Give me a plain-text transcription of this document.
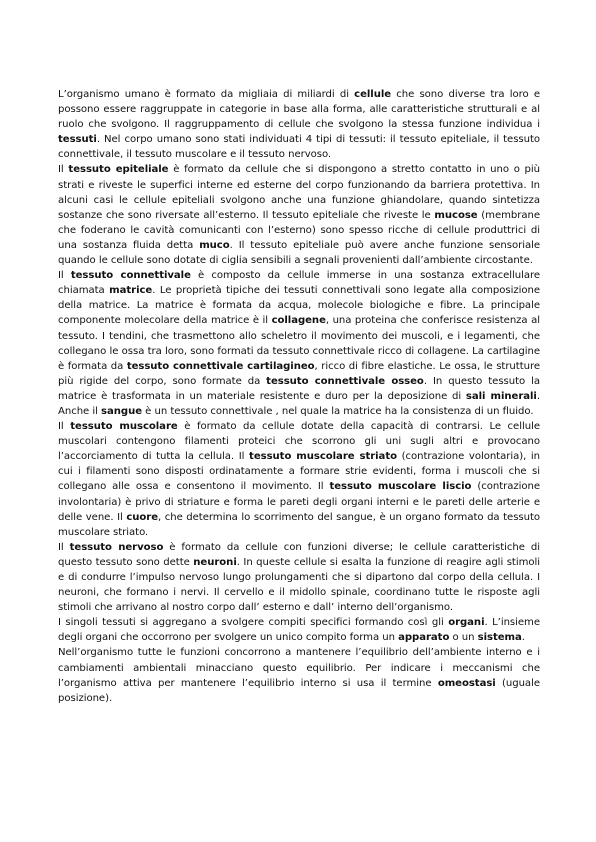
L’organismo umano è formato da migliaia di miliardi di cellule che sono diverse tra loro e possono essere raggruppate in categorie in base alla forma, alle caratteristiche strutturali e al ruolo che svolgono. Il raggruppamento di cellule che svolgono la stessa funzione individua i tessuti. Nel corpo umano sono stati individuati 4 tipi di tessuti: il tessuto epiteliale, il tessuto connettivale, il tessuto muscolare e il tessuto nervoso.

Il tessuto epiteliale è formato da cellule che si dispongono a stretto contatto in uno o più strati e riveste le superfici interne ed esterne del corpo funzionando da barriera protettiva. In alcuni casi le cellule epiteliali svolgono anche una funzione ghiandolare, quando sintetizza sostanze che sono riversate all’esterno. Il tessuto epiteliale che riveste le mucose (membrane che foderano le cavità comunicanti con l’esterno) sono spesso ricche di cellule produttrici di una sostanza fluida detta muco. Il tessuto epiteliale può avere anche funzione sensoriale quando le cellule sono dotate di ciglia sensibili a segnali provenienti dall’ambiente circostante.

Il tessuto connettivale è composto da cellule immerse in una sostanza extracellulare chiamata matrice. Le proprietà tipiche dei tessuti connettivali sono legate alla composizione della matrice. La matrice è formata da acqua, molecole biologiche e fibre. La principale componente molecolare della matrice è il collagene, una proteina che conferisce resistenza al tessuto. I tendini, che trasmettono allo scheletro il movimento dei muscoli, e i legamenti, che collegano le ossa tra loro, sono formati da tessuto connettivale ricco di collagene. La cartilagine è formata da tessuto connettivale cartilagineo, ricco di fibre elastiche. Le ossa, le strutture più rigide del corpo, sono formate da tessuto connettivale osseo. In questo tessuto la matrice è trasformata in un materiale resistente e duro per la deposizione di sali minerali. Anche il sangue è un tessuto connettivale , nel quale la matrice ha la consistenza di un fluido.

Il tessuto muscolare è formato da cellule dotate della capacità di contrarsi. Le cellule muscolari contengono filamenti proteici che scorrono gli uni sugli altri e provocano l’accorciamento di tutta la cellula. Il tessuto muscolare striato (contrazione volontaria), in cui i filamenti sono disposti ordinatamente a formare strie evidenti, forma i muscoli che si collegano alle ossa e consentono il movimento. Il tessuto muscolare liscio (contrazione involontaria) è privo di striature e forma le pareti degli organi interni e le pareti delle arterie e delle vene. Il cuore, che determina lo scorrimento del sangue, è un organo formato da tessuto muscolare striato.

Il tessuto nervoso è formato da cellule con funzioni diverse; le cellule caratteristiche di questo tessuto sono dette neuroni. In queste cellule si esalta la funzione di reagire agli stimoli e di condurre l’impulso nervoso lungo prolungamenti che si dipartono dal corpo della cellula. I neuroni, che formano i nervi. Il cervello e il midollo spinale, coordinano tutte le risposte agli stimoli che arrivano al nostro corpo dall’ esterno e dall’ interno dell’organismo.

I singoli tessuti si aggregano a svolgere compiti specifici formando così gli organi. L’insieme degli organi che occorrono per svolgere un unico compito forma un apparato o un sistema.

Nell’organismo tutte le funzioni concorrono a mantenere l’equilibrio dell’ambiente interno e i cambiamenti ambientali minacciano questo equilibrio. Per indicare i meccanismi che l’organismo attiva per mantenere l’equilibrio interno si usa il termine omeostasi (uguale posizione).
